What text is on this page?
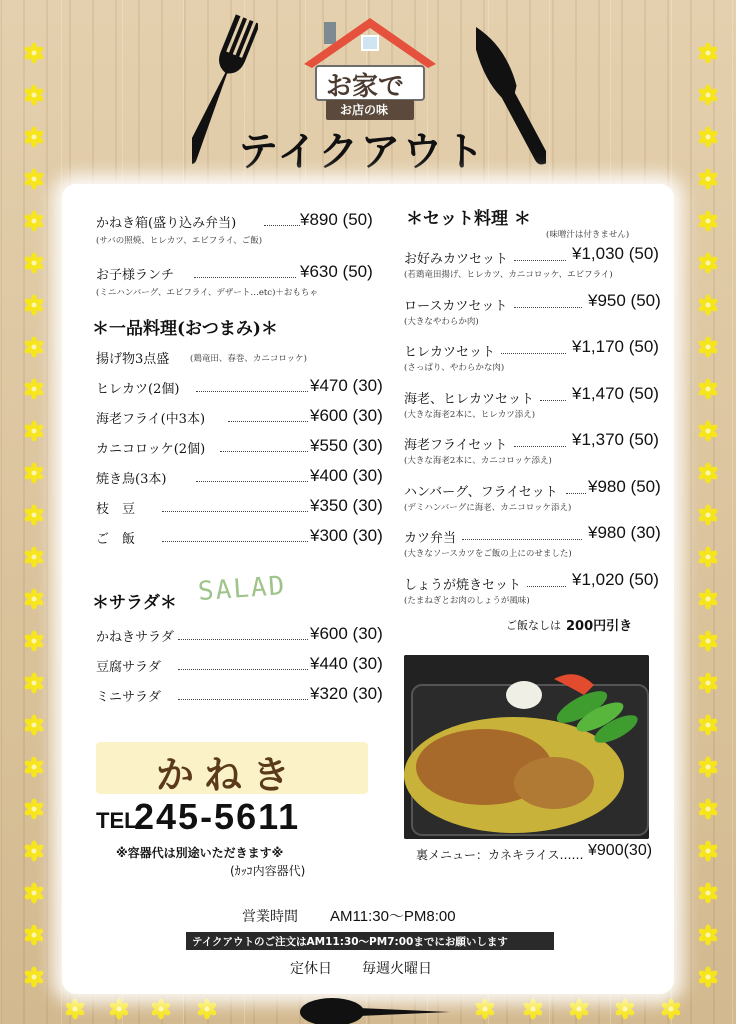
お家で
お店の味
テイクアウト
かねき箱(盛り込み弁当)	¥890 (50)
(サバの照焼、ヒレカツ、エビフライ、ご飯)
お子様ランチ	¥630 (50)
(ミニハンバーグ、エビフライ、デザート…etc)＋おもちゃ
＊一品料理(おつまみ)＊
揚げ物3点盛 (鶏竜田、春巻、カニコロッケ)
ヒレカツ(2個)	¥470 (30)
海老フライ(中3本)	¥600 (30)
カニコロッケ(2個)	¥550 (30)
焼き鳥(3本)	¥400 (30)
枝　豆	¥350 (30)
ご　飯	¥300 (30)
＊サラダ＊ SALAD
かねきサラダ	¥600 (30)
豆腐サラダ	¥440 (30)
ミニサラダ	¥320 (30)
＊セット料理 ＊
(味噌汁は付きません)
お好みカツセット	¥1,030 (50)
(若鶏竜田揚げ、ヒレカツ、カニコロッケ、エビフライ)
ロースカツセット	¥950 (50)
(大きなやわらか肉)
ヒレカツセット	¥1,170 (50)
(さっぱり、やわらかな肉)
海老、ヒレカツセット ¥1,470 (50)
(大きな海老2本に、ヒレカツ添え)
海老フライセット	¥1,370 (50)
(大きな海老2本に、カニコロッケ添え)
ハンバーグ、フライセット ¥980 (50)
(デミハンバーグに海老、カニコロッケ添え)
カツ弁当	¥980 (30)
(大きなソースカツをご飯の上にのせました)
しょうが焼きセット	¥1,020 (50)
(たまねぎとお肉のしょうが風味)
ご飯なしは 200円引き
かねき
TEL
245-5611
※容器代は別途いただきます※
(ｶｯｺ内容器代)
裏メニュー：カネキライス…… ¥900(30)
営業時間 AM11:30〜PM8:00
テイクアウトのご注文はAM11:30〜PM7:00までにお願いします
定休日 毎週火曜日
